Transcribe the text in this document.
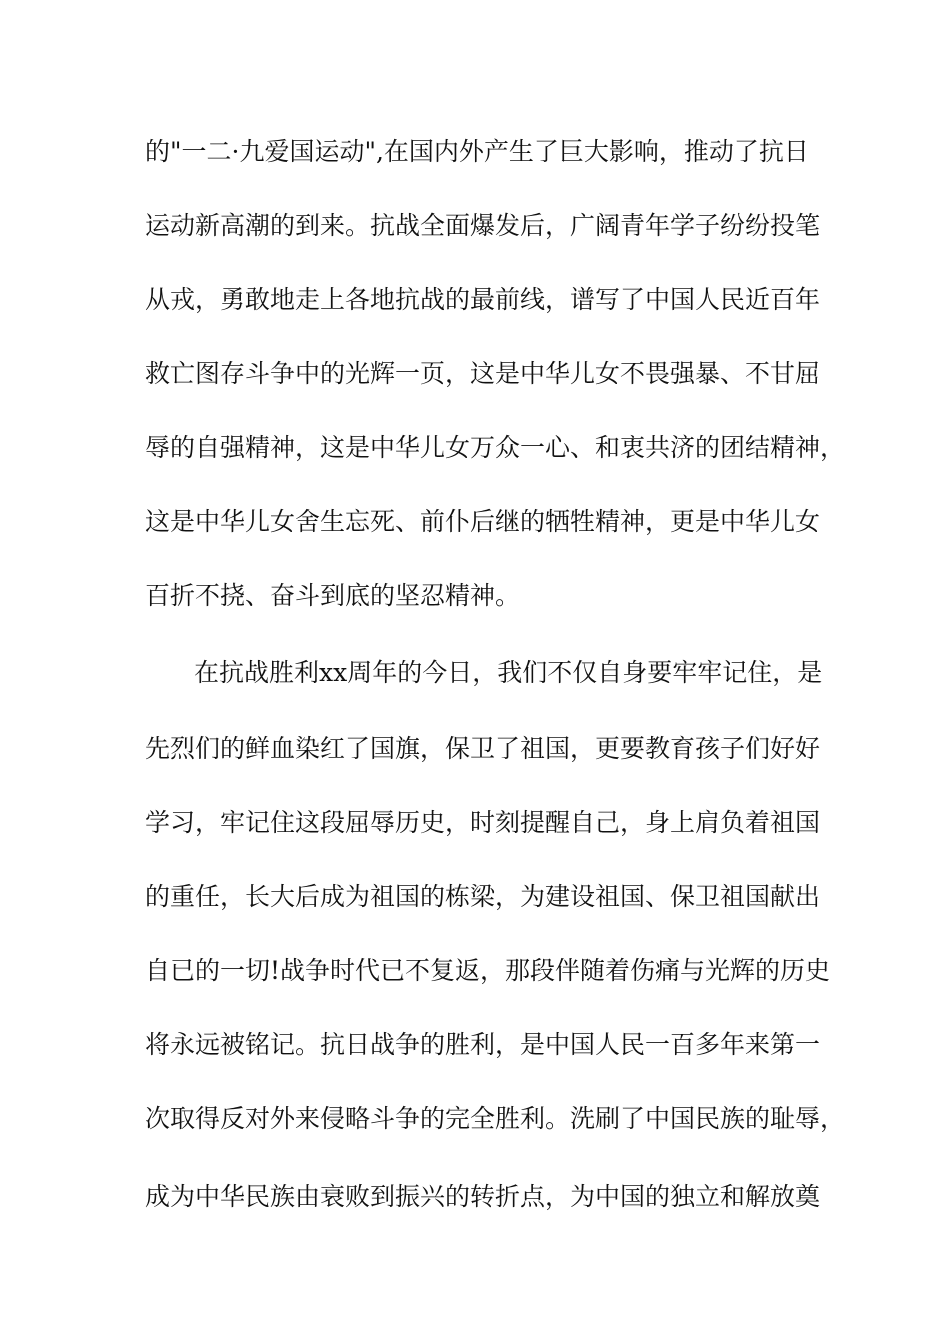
的"一二·九爱国运动",在国内外产生了巨大影响，推动了抗日
运动新高潮的到来。抗战全面爆发后，广阔青年学子纷纷投笔
从戎，勇敢地走上各地抗战的最前线，谱写了中国人民近百年
救亡图存斗争中的光辉一页，这是中华儿女不畏强暴、不甘屈
辱的自强精神，这是中华儿女万众一心、和衷共济的团结精神，
这是中华儿女舍生忘死、前仆后继的牺牲精神，更是中华儿女
百折不挠、奋斗到底的坚忍精神。
在抗战胜利xx周年的今日，我们不仅自身要牢牢记住，是
先烈们的鲜血染红了国旗，保卫了祖国，更要教育孩子们好好
学习，牢记住这段屈辱历史，时刻提醒自己，身上肩负着祖国
的重任，长大后成为祖国的栋梁，为建设祖国、保卫祖国献出
自已的一切!战争时代已不复返，那段伴随着伤痛与光辉的历史
将永远被铭记。抗日战争的胜利，是中国人民一百多年来第一
次取得反对外来侵略斗争的完全胜利。洗刷了中国民族的耻辱，
成为中华民族由衰败到振兴的转折点，为中国的独立和解放奠
